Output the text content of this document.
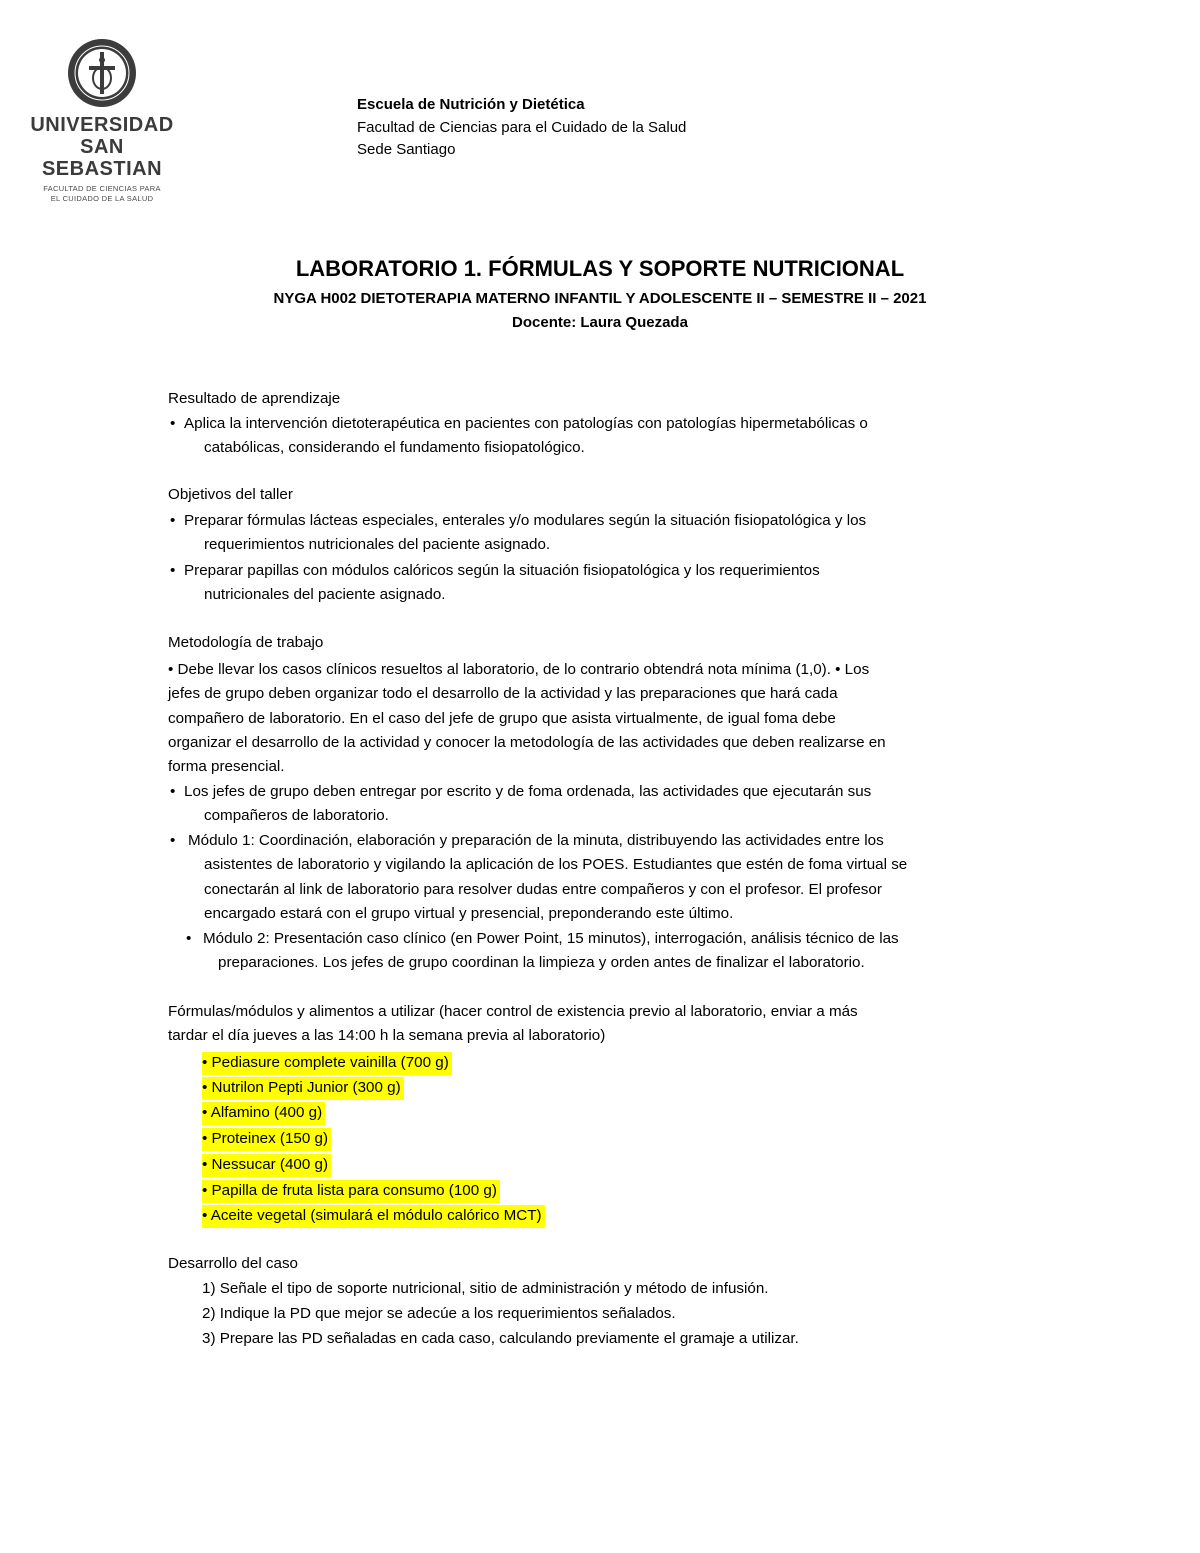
UNIVERSIDAD
SAN SEBASTIAN
FACULTAD DE CIENCIAS PARA
EL CUIDADO DE LA SALUD
Escuela de Nutrición y Dietética
Facultad de Ciencias para el Cuidado de la Salud
Sede Santiago
LABORATORIO 1. FÓRMULAS Y SOPORTE NUTRICIONAL
NYGA H002 DIETOTERAPIA MATERNO INFANTIL Y ADOLESCENTE II – SEMESTRE II – 2021
Docente: Laura Quezada
Resultado de aprendizaje
• Aplica la intervención dietoterapéutica en pacientes con patologías con patologías hipermetabólicas o
catabólicas, considerando el fundamento fisiopatológico.
Objetivos del taller
• Preparar fórmulas lácteas especiales, enterales y/o modulares según la situación fisiopatológica y los
requerimientos nutricionales del paciente asignado.
• Preparar papillas con módulos calóricos según la situación fisiopatológica y los requerimientos
nutricionales del paciente asignado.
Metodología de trabajo
• Debe llevar los casos clínicos resueltos al laboratorio, de lo contrario obtendrá nota mínima (1,0). • Los
jefes de grupo deben organizar todo el desarrollo de la actividad y las preparaciones que hará cada
compañero de laboratorio. En el caso del jefe de grupo que asista virtualmente, de igual foma debe
organizar el desarrollo de la actividad y conocer la metodología de las actividades que deben realizarse en
forma presencial.
• Los jefes de grupo deben entregar por escrito y de foma ordenada, las actividades que ejecutarán sus
compañeros de laboratorio.
• Módulo 1: Coordinación, elaboración y preparación de la minuta, distribuyendo las actividades entre los
asistentes de laboratorio y vigilando la aplicación de los POES. Estudiantes que estén de foma virtual se
conectarán al link de laboratorio para resolver dudas entre compañeros y con el profesor. El profesor
encargado estará con el grupo virtual y presencial, preponderando este último.
• Módulo 2: Presentación caso clínico (en Power Point, 15 minutos), interrogación, análisis técnico de las
preparaciones. Los jefes de grupo coordinan la limpieza y orden antes de finalizar el laboratorio.
Fórmulas/módulos y alimentos a utilizar (hacer control de existencia previo al laboratorio, enviar a más
tardar el día jueves a las 14:00 h la semana previa al laboratorio)
• Pediasure complete vainilla (700 g)
• Nutrilon Pepti Junior (300 g)
• Alfamino (400 g)
• Proteinex (150 g)
• Nessucar (400 g)
• Papilla de fruta lista para consumo (100 g)
• Aceite vegetal (simulará el módulo calórico MCT)
Desarrollo del caso
1) Señale el tipo de soporte nutricional, sitio de administración y método de infusión.
2) Indique la PD que mejor se adecúe a los requerimientos señalados.
3) Prepare las PD señaladas en cada caso, calculando previamente el gramaje a utilizar.
